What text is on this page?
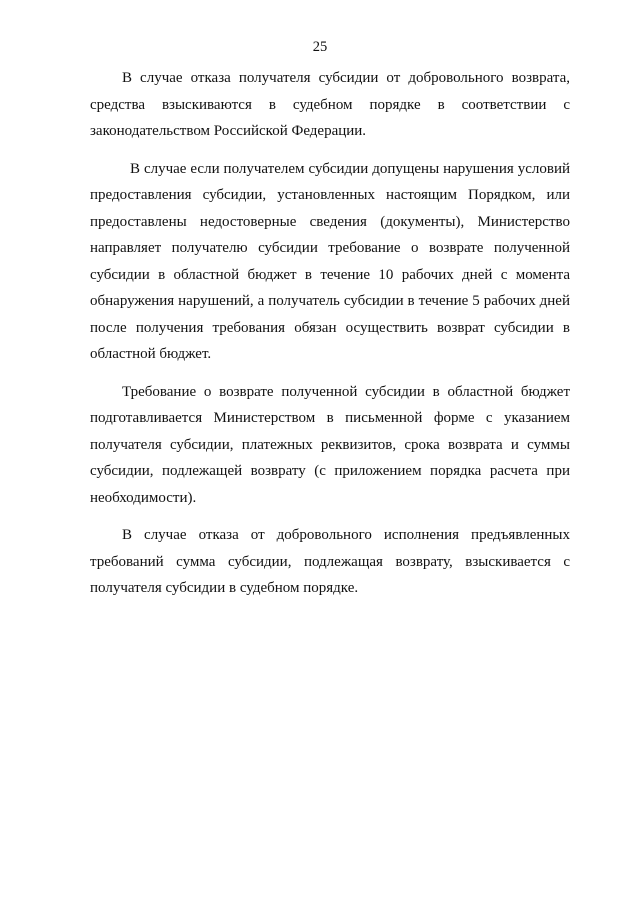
25

В случае отказа получателя субсидии от добровольного возврата, средства взыскиваются в судебном порядке в соответствии с законодательством Российской Федерации.

В случае если получателем субсидии допущены нарушения условий предоставления субсидии, установленных настоящим Порядком, или предоставлены недостоверные сведения (документы), Министерство направляет получателю субсидии требование о возврате полученной субсидии в областной бюджет в течение 10 рабочих дней с момента обнаружения нарушений, а получатель субсидии в течение 5 рабочих дней после получения требования обязан осуществить возврат субсидии в областной бюджет.

Требование о возврате полученной субсидии в областной бюджет подготавливается Министерством в письменной форме с указанием получателя субсидии, платежных реквизитов, срока возврата и суммы субсидии, подлежащей возврату (с приложением порядка расчета при необходимости).

В случае отказа от добровольного исполнения предъявленных требований сумма субсидии, подлежащая возврату, взыскивается с получателя субсидии в судебном порядке.
